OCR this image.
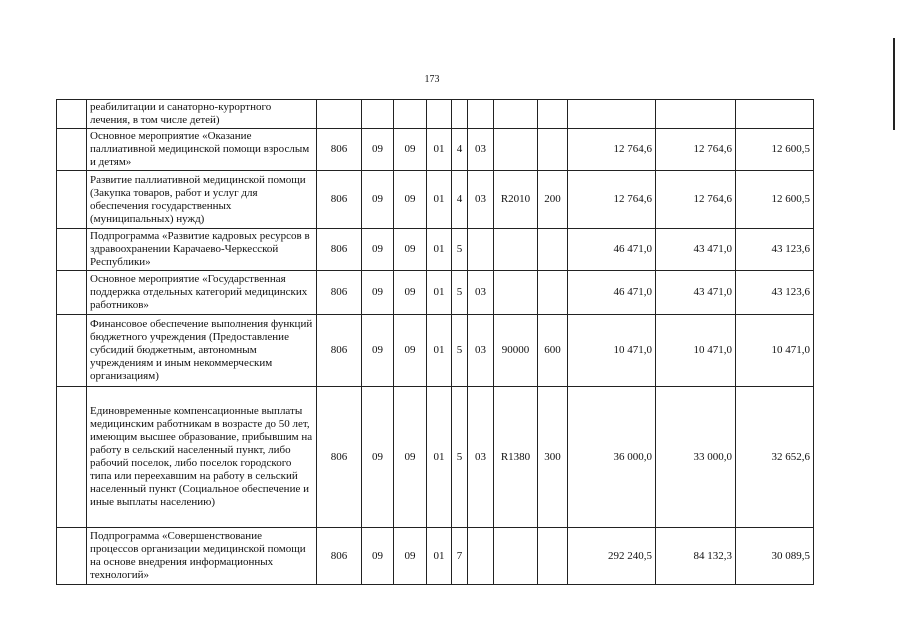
173
	реабилитации и санаторно-курортного лечения, в том числе детей)											
	Основное мероприятие «Оказание паллиативной медицинской помощи взрослым и детям»	806	09	09	01	4	03			12 764,6	12 764,6	12 600,5
	Развитие паллиативной медицинской помощи (Закупка товаров, работ и услуг для обеспечения государственных (муниципальных) нужд)	806	09	09	01	4	03	R2010	200	12 764,6	12 764,6	12 600,5
	Подпрограмма «Развитие кадровых ресурсов в здравоохранении Карачаево-Черкесской Республики»	806	09	09	01	5				46 471,0	43 471,0	43 123,6
	Основное мероприятие «Государственная поддержка отдельных категорий медицинских работников»	806	09	09	01	5	03			46 471,0	43 471,0	43 123,6
	Финансовое обеспечение выполнения функций бюджетного учреждения (Предоставление субсидий бюджетным, автономным учреждениям и иным некоммерческим организациям)	806	09	09	01	5	03	90000	600	10 471,0	10 471,0	10 471,0
	Единовременные компенсационные выплаты медицинским работникам в возрасте до 50 лет, имеющим высшее образование, прибывшим на работу в сельский населенный пункт, либо рабочий поселок, либо поселок городского типа или переехавшим на работу в сельский населенный пункт (Социальное обеспечение и иные выплаты населению)	806	09	09	01	5	03	R1380	300	36 000,0	33 000,0	32 652,6
	Подпрограмма «Совершенствование процессов организации медицинской помощи на основе внедрения информационных технологий»	806	09	09	01	7				292 240,5	84 132,3	30 089,5
